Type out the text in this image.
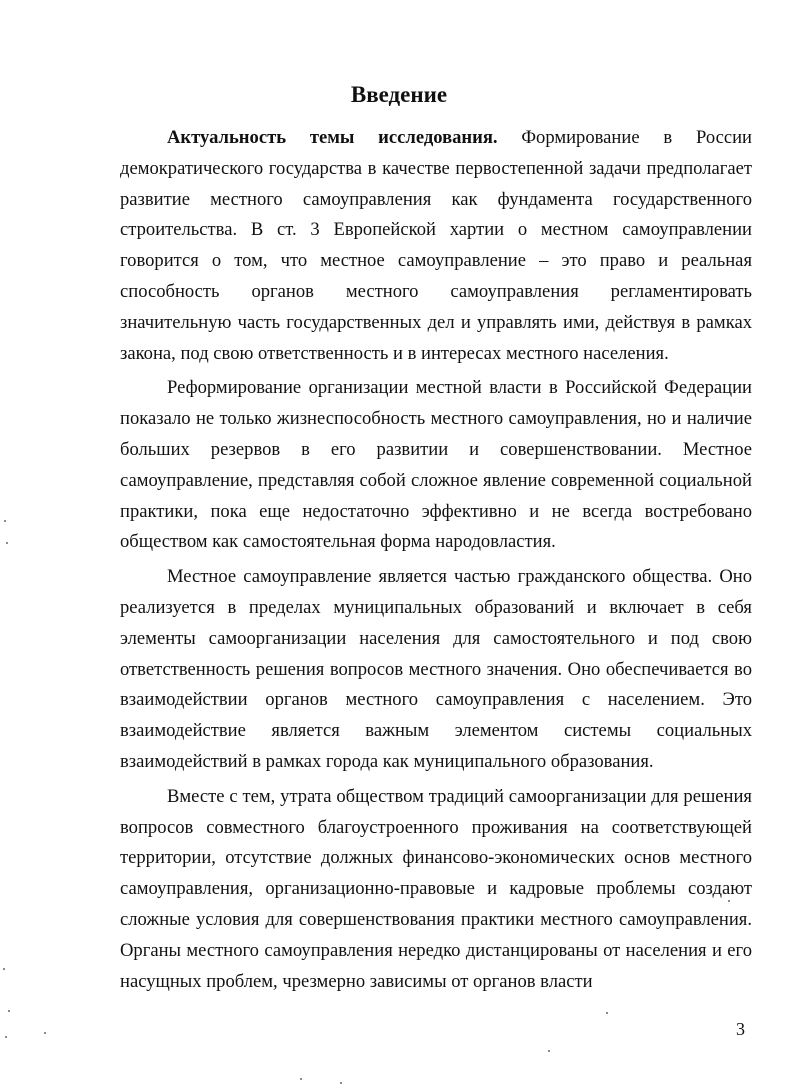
Введение

Актуальность темы исследования. Формирование в России демократического государства в качестве первостепенной задачи предполагает развитие местного самоуправления как фундамента государственного строительства. В ст. 3 Европейской хартии о местном самоуправлении говорится о том, что местное самоуправление – это право и реальная способность органов местного самоуправления регламентировать значительную часть государственных дел и управлять ими, действуя в рамках закона, под свою ответственность и в интересах местного населения.

Реформирование организации местной власти в Российской Федерации показало не только жизнеспособность местного самоуправления, но и наличие больших резервов в его развитии и совершенствовании. Местное самоуправление, представляя собой сложное явление современной социальной практики, пока еще недостаточно эффективно и не всегда востребовано обществом как самостоятельная форма народовластия.

Местное самоуправление является частью гражданского общества. Оно реализуется в пределах муниципальных образований и включает в себя элементы самоорганизации населения для самостоятельного и под свою ответственность решения вопросов местного значения. Оно обеспечивается во взаимодействии органов местного самоуправления с населением. Это взаимодействие является важным элементом системы социальных взаимодействий в рамках города как муниципального образования.

Вместе с тем, утрата обществом традиций самоорганизации для решения вопросов совместного благоустроенного проживания на соответствующей территории, отсутствие должных финансово-экономических основ местного самоуправления, организационно-правовые и кадровые проблемы создают сложные условия для совершенствования практики местного самоуправления. Органы местного самоуправления нередко дистанцированы от населения и его насущных проблем, чрезмерно зависимы от органов власти

3
